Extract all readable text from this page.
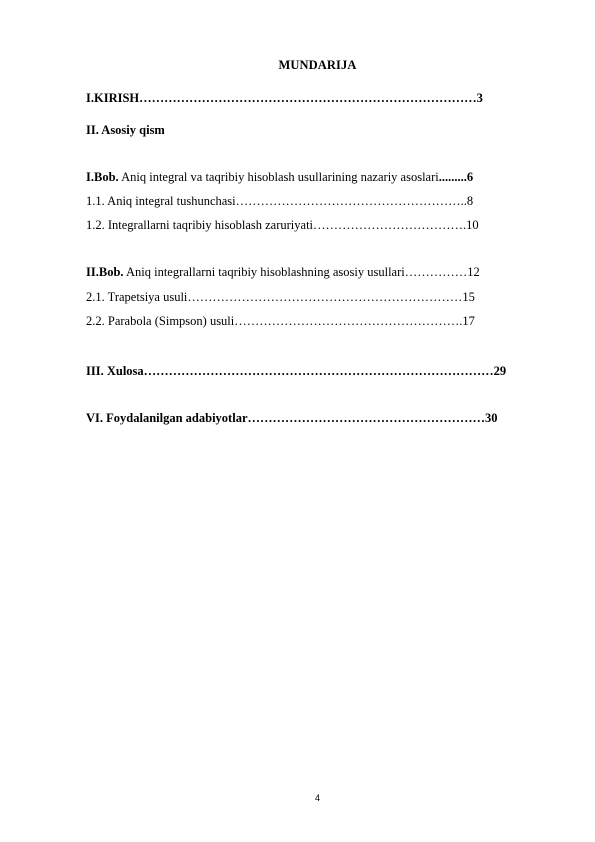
MUNDARIJA
I.KIRISH………………………………………………………………………3
II. Asosiy qism
I.Bob. Aniq integral va taqribiy hisoblash usullarining nazariy asoslari.........6
1.1. Aniq integral tushunchasi………………………………………………..8
1.2. Integrallarni taqribiy hisoblash zaruriyati……………………………….10
II.Bob. Aniq integrallarni taqribiy hisoblashning asosiy usullari……………12
2.1. Trapetsiya usuli…………………………………………………………15
2.2. Parabola (Simpson) usuli……………………………………………….17
III. Xulosa…………………………………………………………………………29
VI. Foydalanilgan adabiyotlar…………………………………………………30
4
